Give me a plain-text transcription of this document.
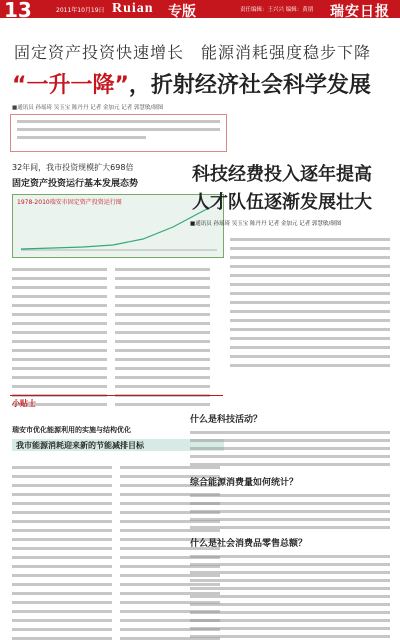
13	2011年10月19日 Ruian 专版	责任编辑：王兴兴 编辑：黄朋 瑞安日报
固定资产投资快速增长　能源消耗强度稳步下降
“一升一降”，折射经济社会科学发展
■通讯员 孙瑶琦 吴玉宝 陈丹丹 记者 金加元 记者 郭慧敏/制图
32年间，我市投资规模扩大698倍
固定资产投资运行基本发展态势
1978-2010瑞安市固定资产投资运行图
瑞安市优化能源利用的实施与结构优化
我市能源消耗迎来新的节能减排目标
科技经费投入逐年提高
人才队伍逐渐发展壮大
■通讯员 孙瑶琦 吴玉宝 陈丹丹 记者 金加元 记者 郭慧敏/制图
小贴士
什么是科技活动？
综合能源消费量如何统计？
什么是社会消费品零售总额？
